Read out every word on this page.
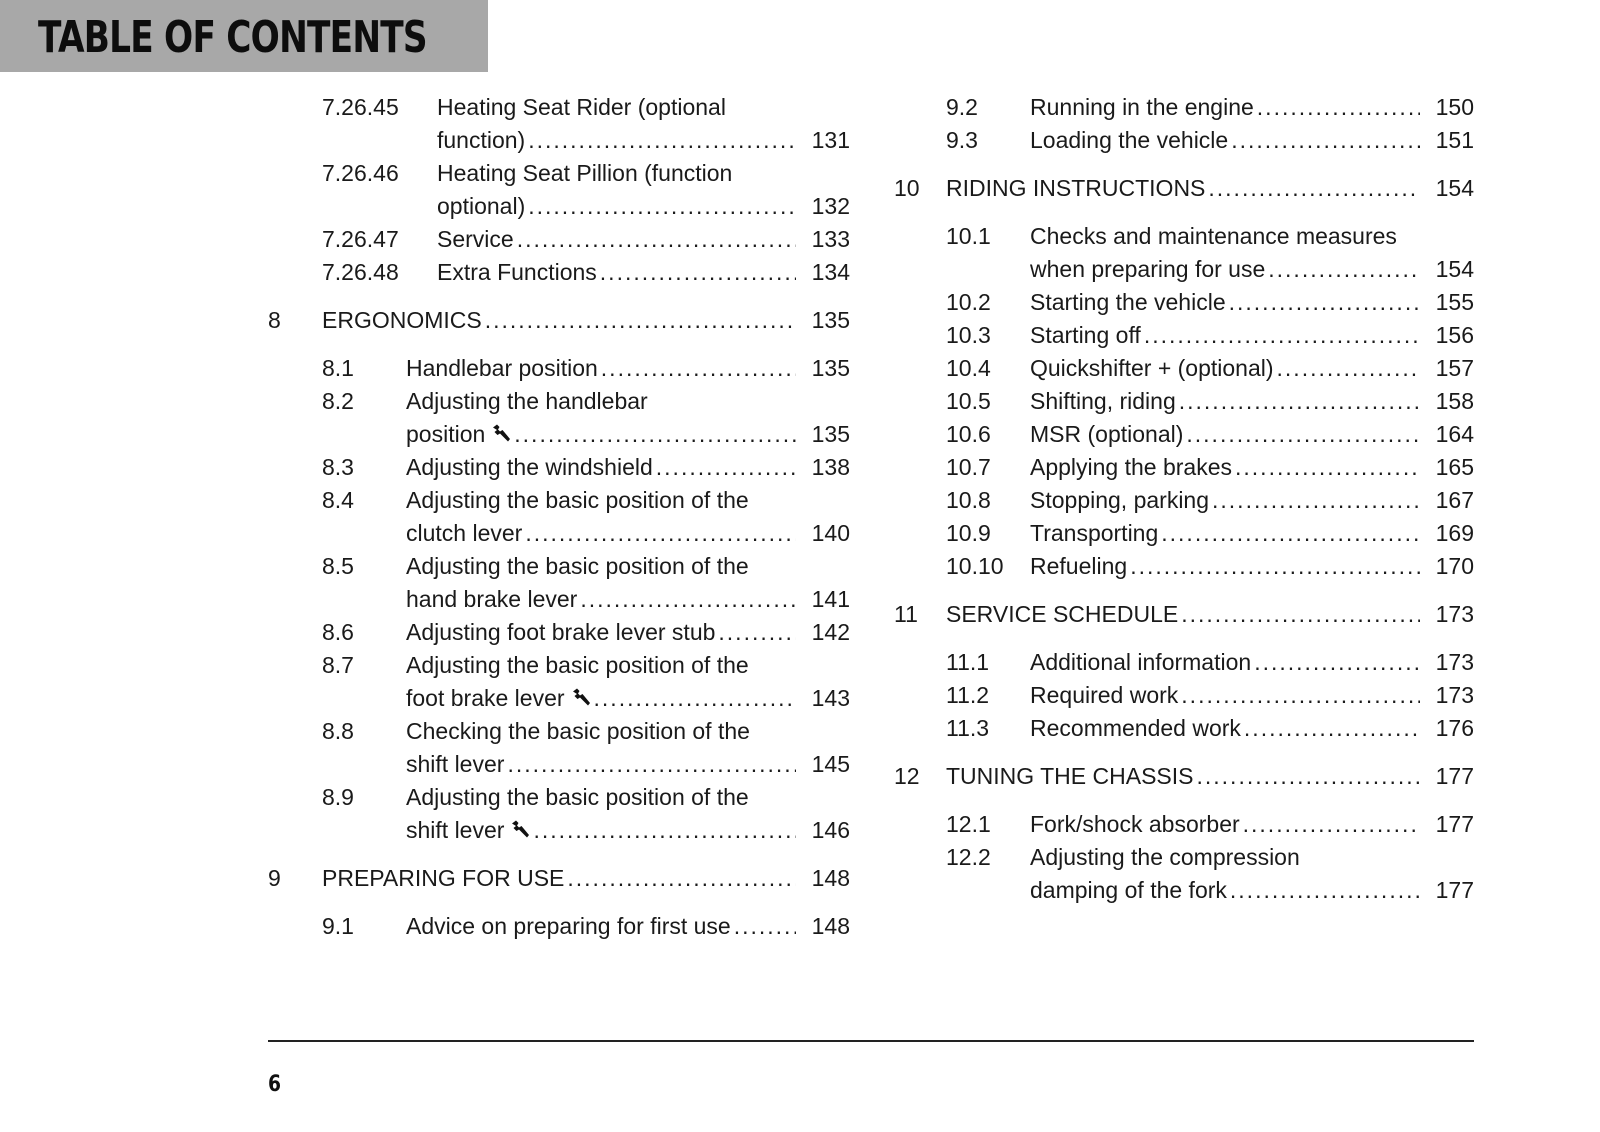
TABLE OF CONTENTS
7.26.45 Heating Seat Rider (optional
function) .....	131
7.26.46 Heating Seat Pillion (function
optional) .....	132
7.26.47 Service .....	133
7.26.48 Extra Functions .....	134
8 ERGONOMICS .....	135
8.1 Handlebar position .....	135
8.2 Adjusting the handlebar
position .....	135
8.3 Adjusting the windshield .....	138
8.4 Adjusting the basic position of the
clutch lever .....	140
8.5 Adjusting the basic position of the
hand brake lever .....	141
8.6 Adjusting foot brake lever stub .....	142
8.7 Adjusting the basic position of the
foot brake lever .....	143
8.8 Checking the basic position of the
shift lever .....	145
8.9 Adjusting the basic position of the
shift lever .....	146
9 PREPARING FOR USE .....	148
9.1 Advice on preparing for first use .....	148
9.2 Running in the engine .....	150
9.3 Loading the vehicle .....	151
10 RIDING INSTRUCTIONS .....	154
10.1 Checks and maintenance measures
when preparing for use .....	154
10.2 Starting the vehicle .....	155
10.3 Starting off .....	156
10.4 Quickshifter + (optional) .....	157
10.5 Shifting, riding .....	158
10.6 MSR (optional) .....	164
10.7 Applying the brakes .....	165
10.8 Stopping, parking .....	167
10.9 Transporting .....	169
10.10 Refueling .....	170
11 SERVICE SCHEDULE .....	173
11.1 Additional information .....	173
11.2 Required work .....	173
11.3 Recommended work .....	176
12 TUNING THE CHASSIS .....	177
12.1 Fork/shock absorber .....	177
12.2 Adjusting the compression
damping of the fork .....	177
6
